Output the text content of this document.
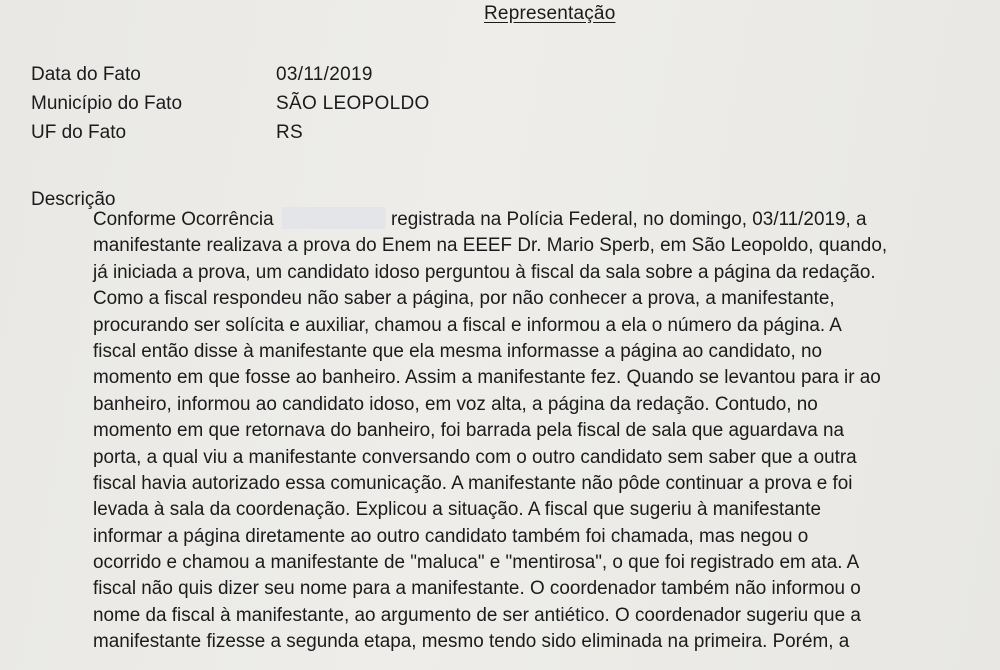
Representação
Data do Fato	03/11/2019
Município do Fato	SÃO LEOPOLDO
UF do Fato	RS
Descrição
Conforme Ocorrência	registrada na Polícia Federal, no domingo, 03/11/2019, a
manifestante realizava a prova do Enem na EEEF Dr. Mario Sperb, em São Leopoldo, quando,
já iniciada a prova, um candidato idoso perguntou à fiscal da sala sobre a página da redação.
Como a fiscal respondeu não saber a página, por não conhecer a prova, a manifestante,
procurando ser solícita e auxiliar, chamou a fiscal e informou a ela o número da página. A
fiscal então disse à manifestante que ela mesma informasse a página ao candidato, no
momento em que fosse ao banheiro. Assim a manifestante fez. Quando se levantou para ir ao
banheiro, informou ao candidato idoso, em voz alta, a página da redação. Contudo, no
momento em que retornava do banheiro, foi barrada pela fiscal de sala que aguardava na
porta, a qual viu a manifestante conversando com o outro candidato sem saber que a outra
fiscal havia autorizado essa comunicação. A manifestante não pôde continuar a prova e foi
levada à sala da coordenação. Explicou a situação. A fiscal que sugeriu à manifestante
informar a página diretamente ao outro candidato também foi chamada, mas negou o
ocorrido e chamou a manifestante de "maluca" e "mentirosa", o que foi registrado em ata. A
fiscal não quis dizer seu nome para a manifestante. O coordenador também não informou o
nome da fiscal à manifestante, ao argumento de ser antiético. O coordenador sugeriu que a
manifestante fizesse a segunda etapa, mesmo tendo sido eliminada na primeira. Porém, a
